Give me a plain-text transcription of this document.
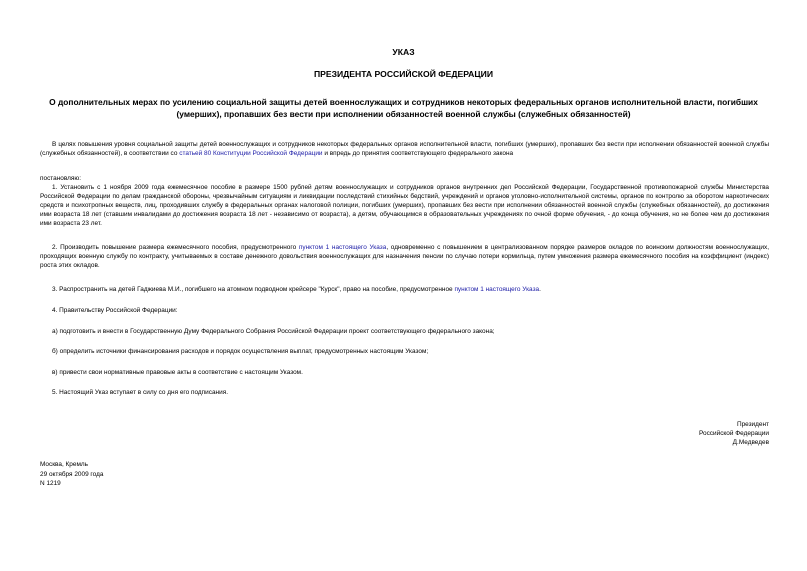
УКАЗ
ПРЕЗИДЕНТА РОССИЙСКОЙ ФЕДЕРАЦИИ
О дополнительных мерах по усилению социальной защиты детей военнослужащих и сотрудников некоторых федеральных органов исполнительной власти, погибших (умерших), пропавших без вести при исполнении обязанностей военной службы (служебных обязанностей)

В целях повышения уровня социальной защиты детей военнослужащих и сотрудников некоторых федеральных органов исполнительной власти, погибших (умерших), пропавших без вести при исполнении обязанностей военной службы (служебных обязанностей), в соответствии со статьей 80 Конституции Российской Федерации и впредь до принятия соответствующего федерального закона

постановляю:

1. Установить с 1 ноября 2009 года ежемесячное пособие в размере 1500 рублей детям военнослужащих и сотрудников органов внутренних дел Российской Федерации, Государственной противопожарной службы Министерства Российской Федерации по делам гражданской обороны, чрезвычайным ситуациям и ликвидации последствий стихийных бедствий, учреждений и органов уголовно-исполнительной системы, органов по контролю за оборотом наркотических средств и психотропных веществ, лиц, проходивших службу в федеральных органах налоговой полиции, погибших (умерших), пропавших без вести при исполнении обязанностей военной службы (служебных обязанностей), до достижения ими возраста 18 лет (ставшим инвалидами до достижения возраста 18 лет - независимо от возраста), а детям, обучающимся в образовательных учреждениях по очной форме обучения, - до конца обучения, но не более чем до достижения ими возраста 23 лет.

2. Производить повышение размера ежемесячного пособия, предусмотренного пунктом 1 настоящего Указа, одновременно с повышением в централизованном порядке размеров окладов по воинским должностям военнослужащих, проходящих военную службу по контракту, учитываемых в составе денежного довольствия военнослужащих для назначения пенсии по случаю потери кормильца, путем умножения размера ежемесячного пособия на коэффициент (индекс) роста этих окладов.

3. Распространить на детей Гаджиева М.И., погибшего на атомном подводном крейсере "Курск", право на пособие, предусмотренное пунктом 1 настоящего Указа.

4. Правительству Российской Федерации:

а) подготовить и внести в Государственную Думу Федерального Собрания Российской Федерации проект соответствующего федерального закона;

б) определить источники финансирования расходов и порядок осуществления выплат, предусмотренных настоящим Указом;

в) привести свои нормативные правовые акты в соответствие с настоящим Указом.

5. Настоящий Указ вступает в силу со дня его подписания.

Президент
Российской Федерации
Д.Медведев
Москва, Кремль
29 октября 2009 года
N 1219
